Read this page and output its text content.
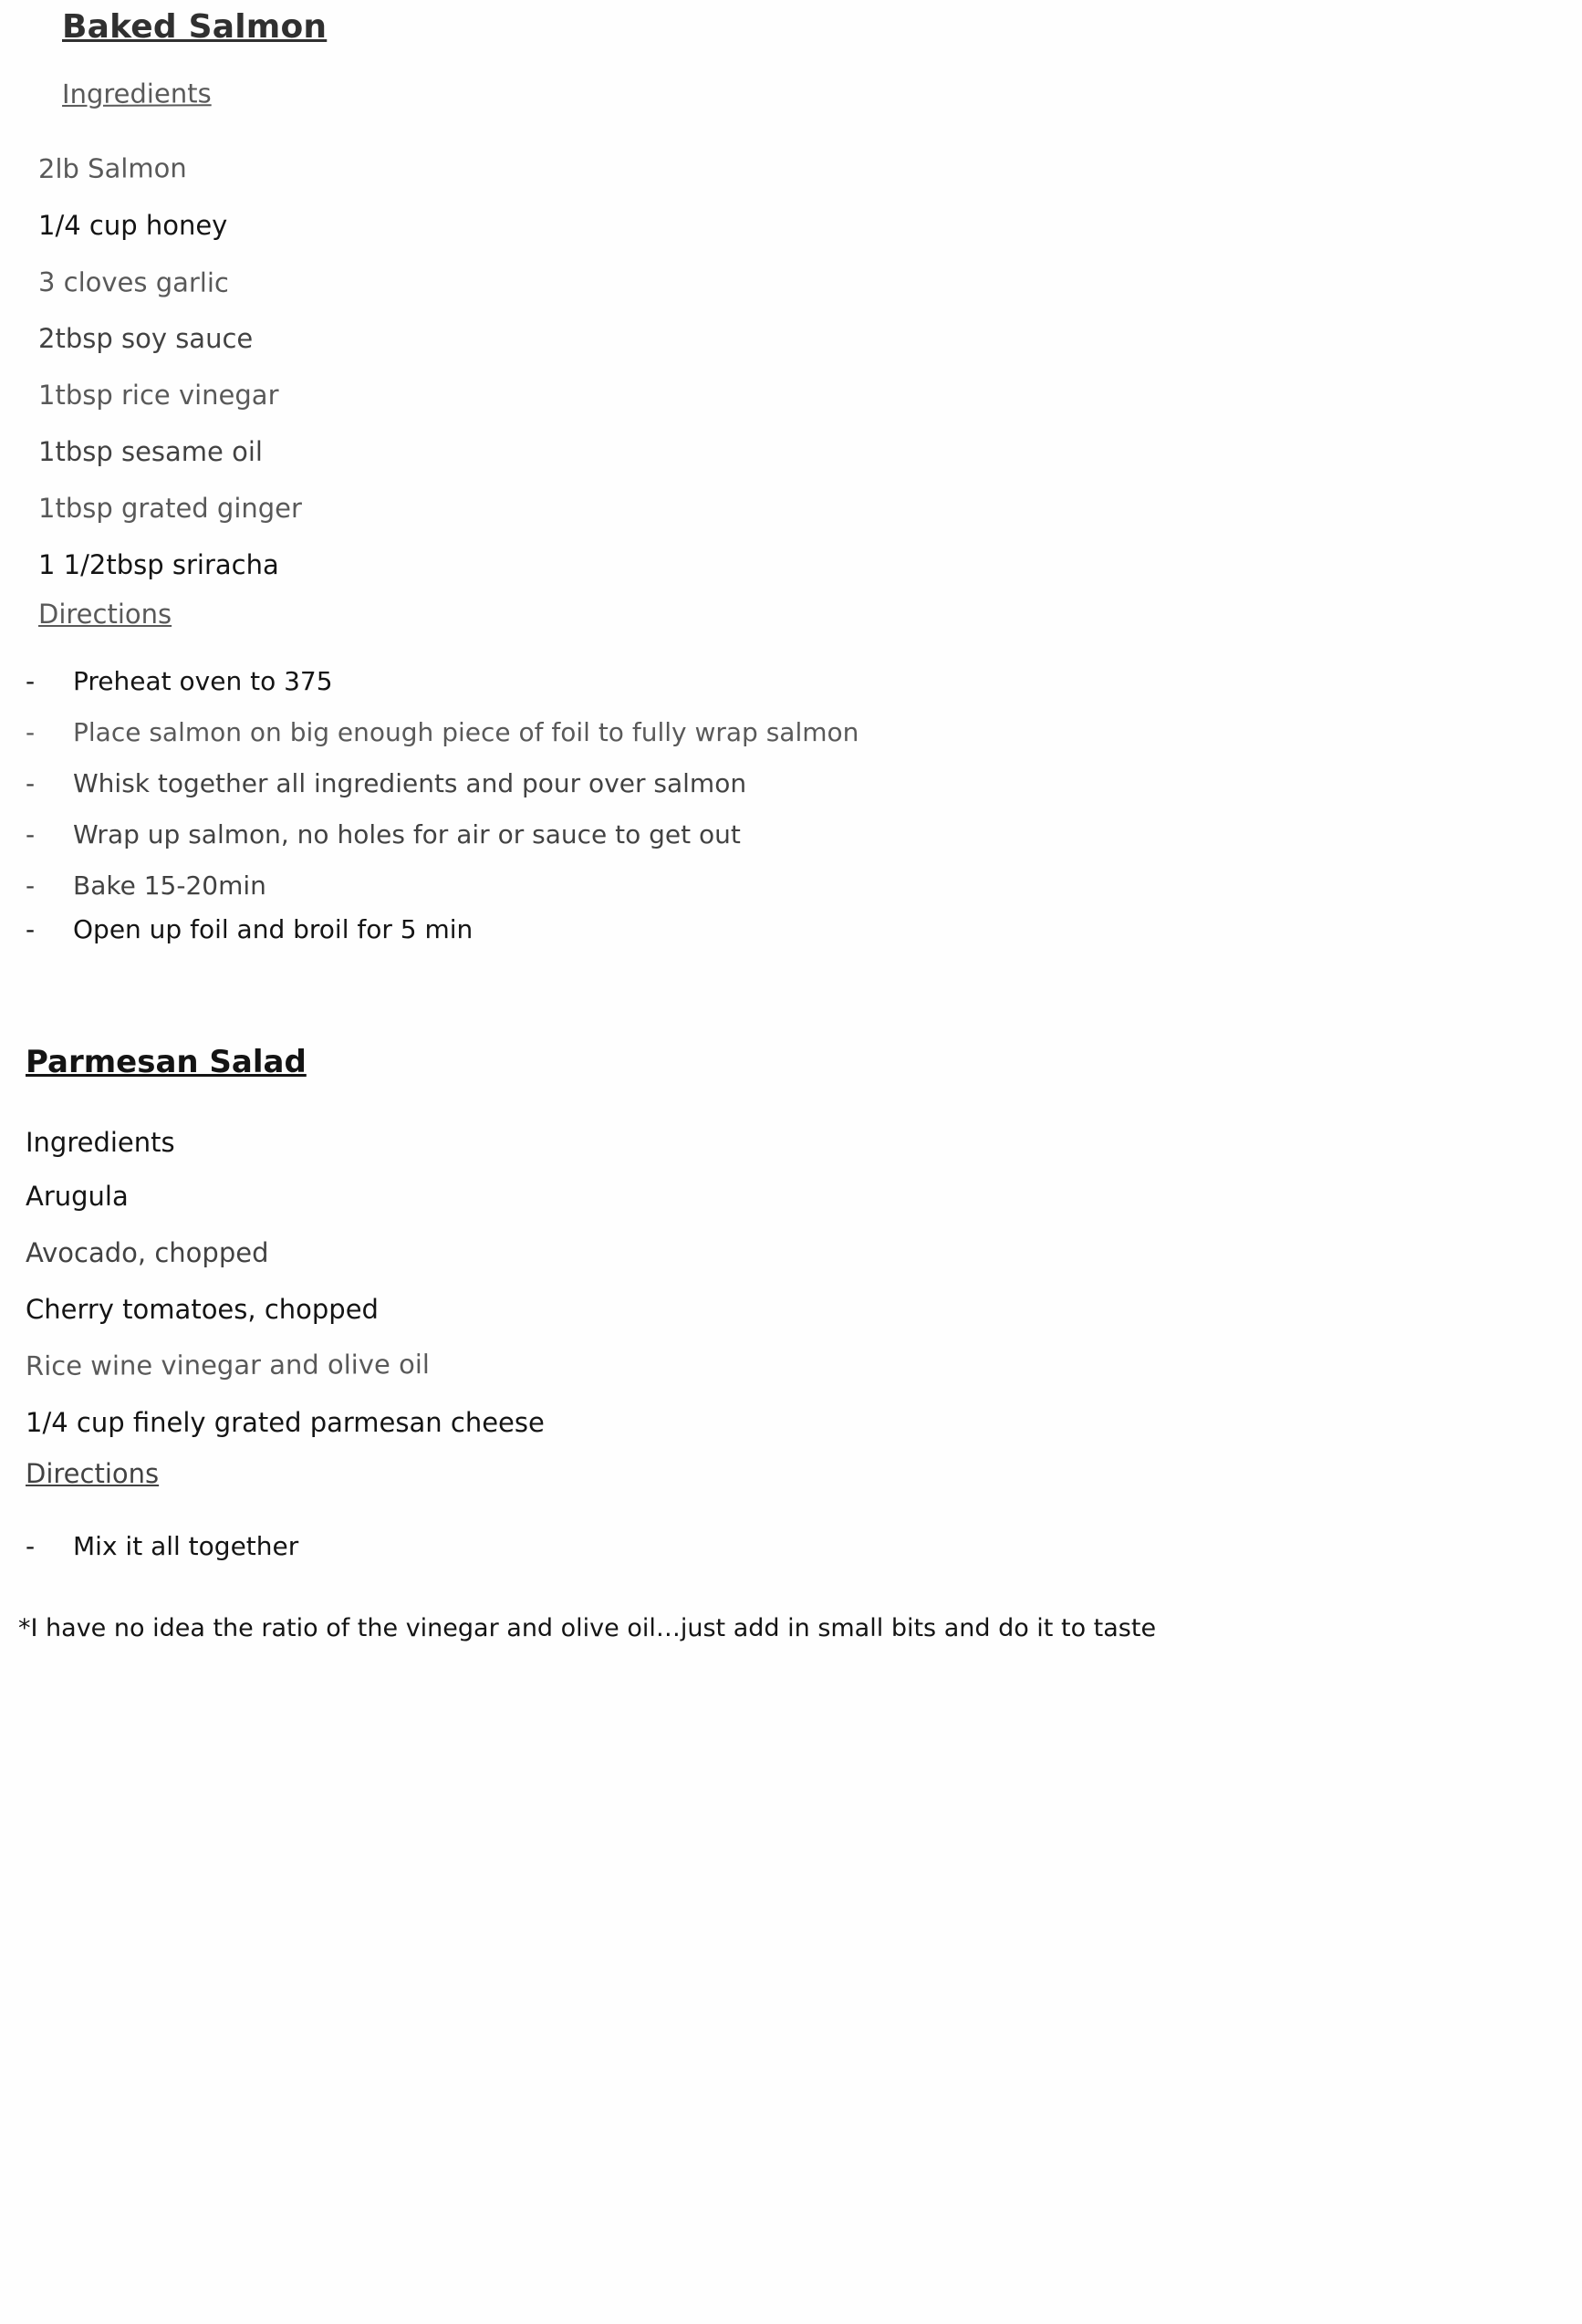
Baked Salmon
Ingredients
2lb Salmon
1/4 cup honey
3 cloves garlic
2tbsp soy sauce
1tbsp rice vinegar
1tbsp sesame oil
1tbsp grated ginger
1 1/2tbsp sriracha
Directions
-	Preheat oven to 375
-	Place salmon on big enough piece of foil to fully wrap salmon
-	Whisk together all ingredients and pour over salmon
-	Wrap up salmon, no holes for air or sauce to get out
-	Bake 15-20min
-	Open up foil and broil for 5 min
Parmesan Salad
Ingredients
Arugula
Avocado, chopped
Cherry tomatoes, chopped
Rice wine vinegar and olive oil
1/4 cup finely grated parmesan cheese
Directions
-	Mix it all together
*I have no idea the ratio of the vinegar and olive oil…just add in small bits and do it to taste
